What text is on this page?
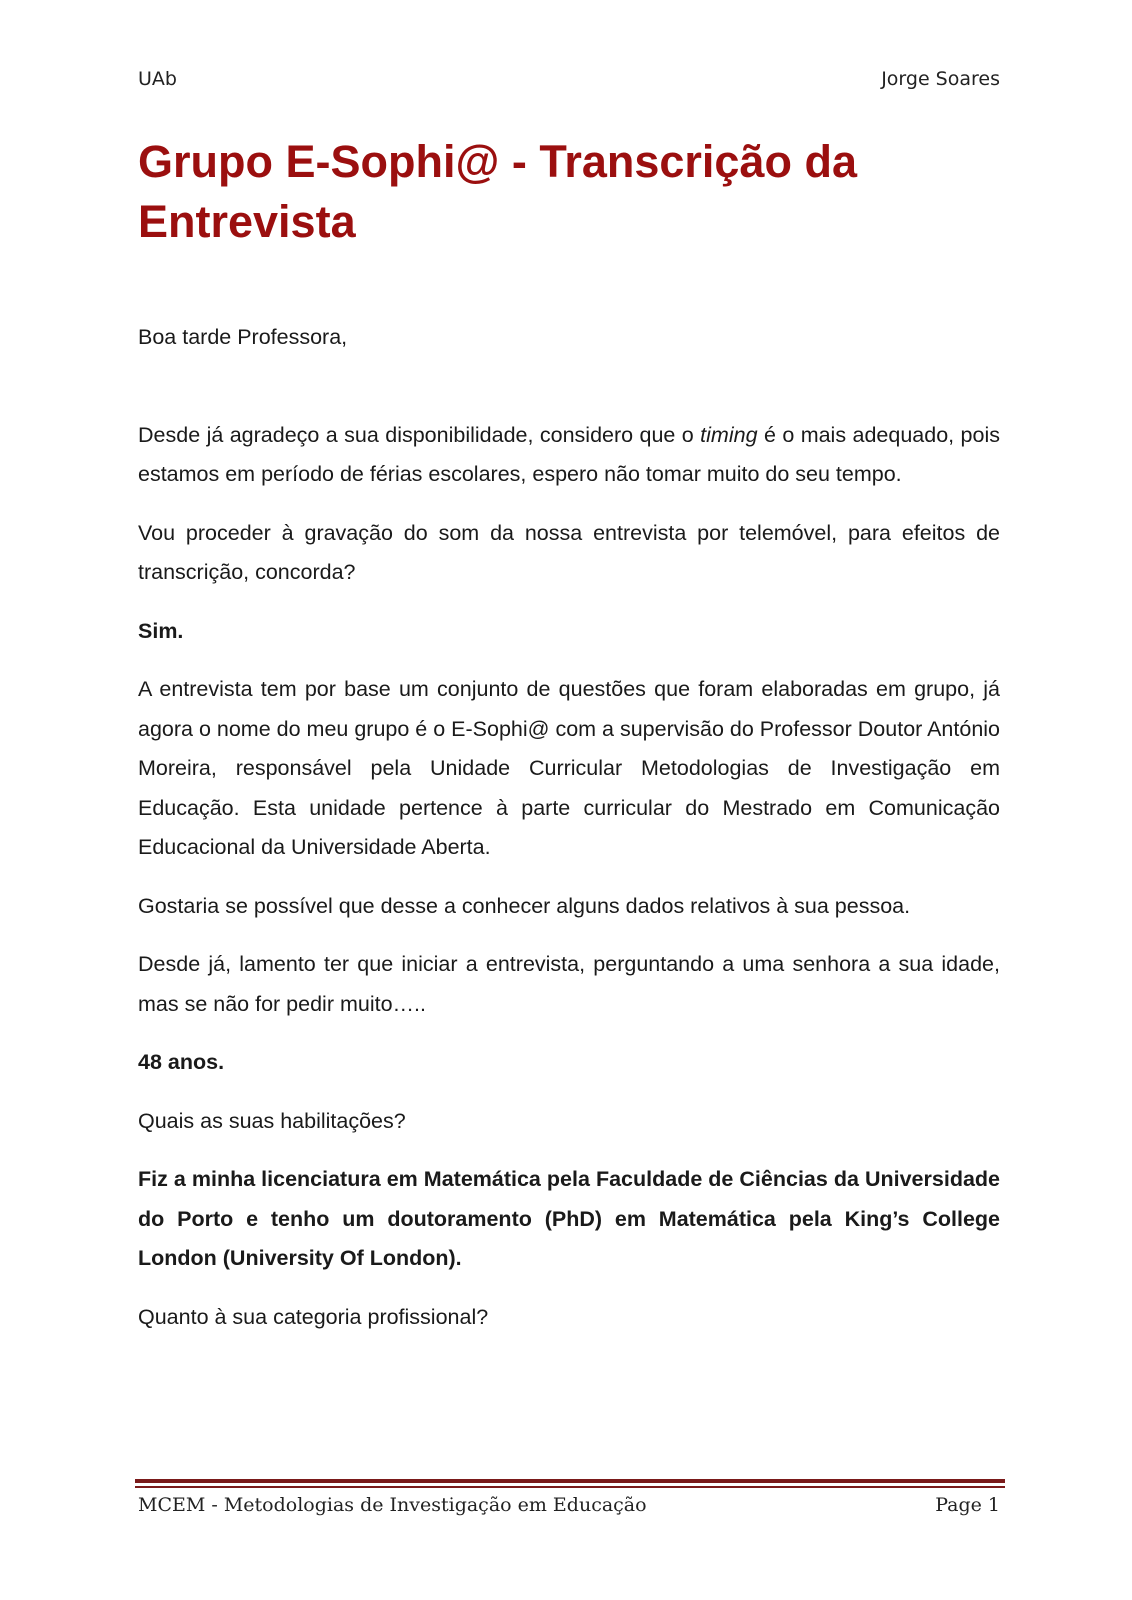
UAb	Jorge Soares
Grupo E-Sophi@ - Transcrição da Entrevista

Boa tarde Professora,

Desde já agradeço a sua disponibilidade, considero que o timing é o mais adequado, pois estamos em período de férias escolares, espero não tomar muito do seu tempo.

Vou proceder à gravação do som da nossa entrevista por telemóvel, para efeitos de transcrição, concorda?

Sim.

A entrevista tem por base um conjunto de questões que foram elaboradas em grupo, já agora o nome do meu grupo é o E-Sophi@ com a supervisão do Professor Doutor António Moreira, responsável pela Unidade Curricular Metodologias de Investigação em Educação. Esta unidade pertence à parte curricular do Mestrado em Comunicação Educacional da Universidade Aberta.

Gostaria se possível que desse a conhecer alguns dados relativos à sua pessoa.

Desde já, lamento ter que iniciar a entrevista, perguntando a uma senhora a sua idade, mas se não for pedir muito…..

48 anos.

Quais as suas habilitações?

Fiz a minha licenciatura em Matemática pela Faculdade de Ciências da Universidade do Porto e tenho um doutoramento (PhD) em Matemática pela King’s College London (University Of London).

Quanto à sua categoria profissional?

MCEM - Metodologias de Investigação em Educação	Page 1
